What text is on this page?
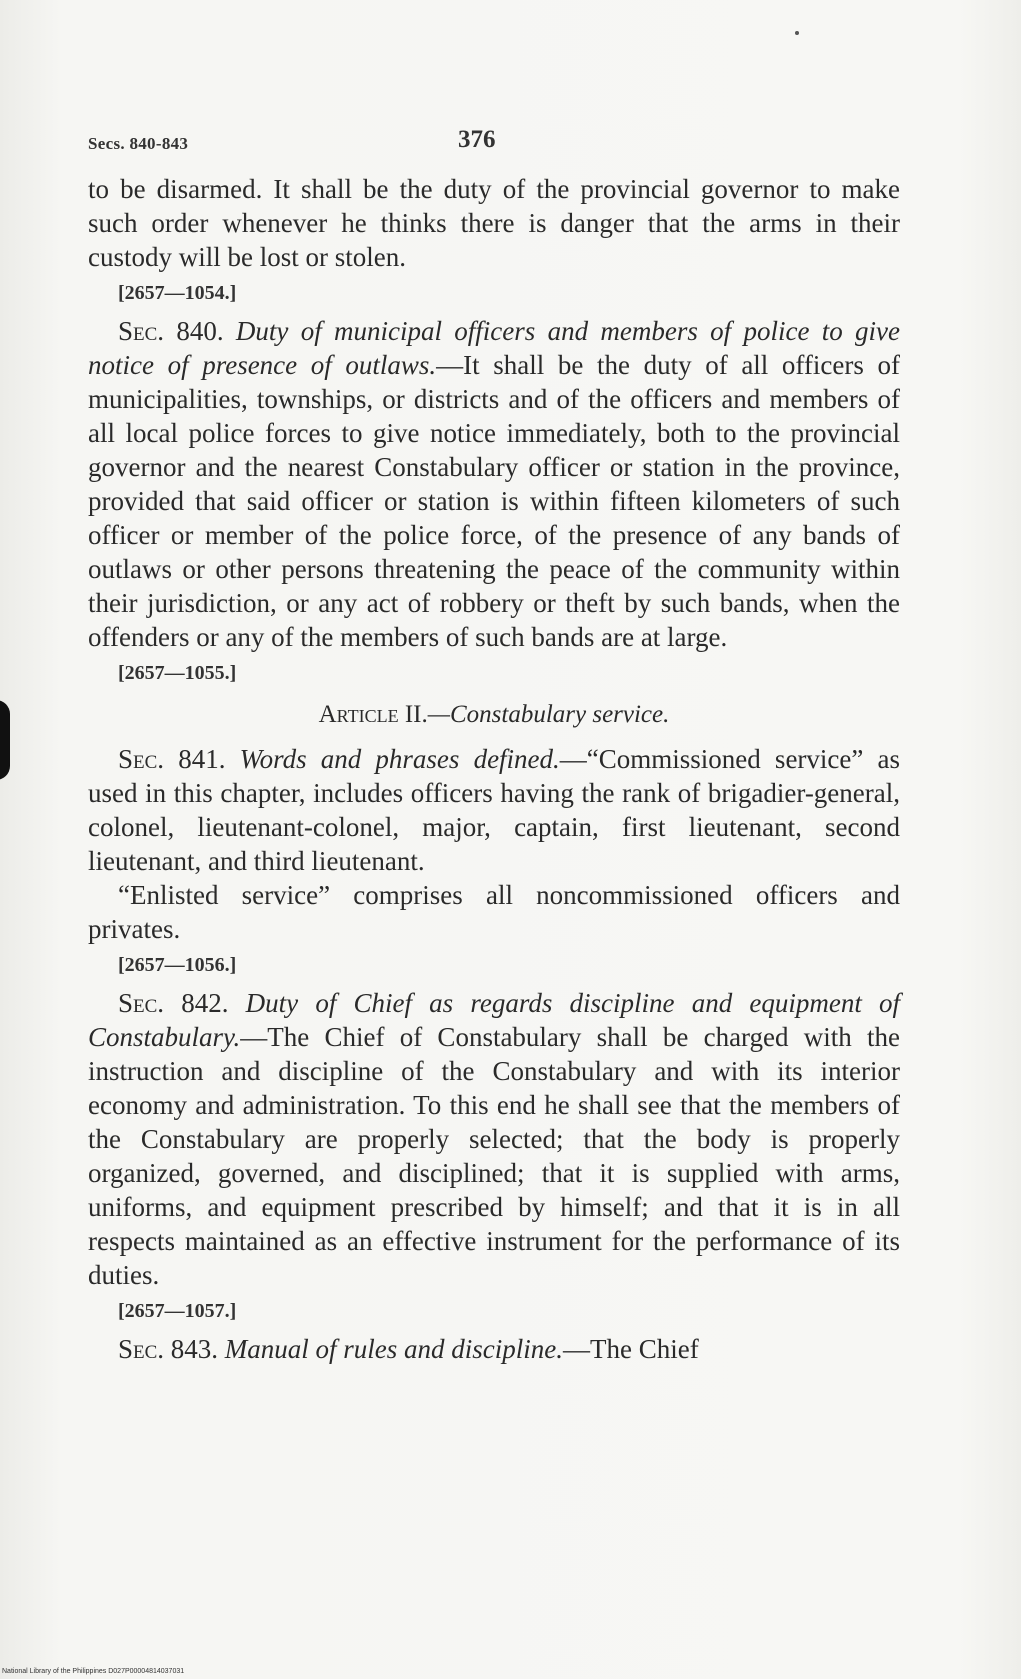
Secs. 840-843	376

to be disarmed. It shall be the duty of the provincial governor to make such order whenever he thinks there is danger that the arms in their custody will be lost or stolen.

[2657—1054.]

Sec. 840. Duty of municipal officers and members of police to give notice of presence of outlaws.—It shall be the duty of all officers of municipalities, townships, or districts and of the officers and members of all local police forces to give notice immediately, both to the provincial governor and the nearest Constabulary officer or station in the province, provided that said officer or station is within fifteen kilometers of such officer or member of the police force, of the presence of any bands of outlaws or other persons threatening the peace of the community within their jurisdiction, or any act of robbery or theft by such bands, when the offenders or any of the members of such bands are at large.

[2657—1055.]
Article II.—Constabulary service.

Sec. 841. Words and phrases defined.—“Commissioned service” as used in this chapter, includes officers having the rank of brigadier-general, colonel, lieutenant-colonel, major, captain, first lieutenant, second lieutenant, and third lieutenant.

“Enlisted service” comprises all noncommissioned officers and privates.

[2657—1056.]

Sec. 842. Duty of Chief as regards discipline and equipment of Constabulary.—The Chief of Constabulary shall be charged with the instruction and discipline of the Constabulary and with its interior economy and administration. To this end he shall see that the members of the Constabulary are properly selected; that the body is properly organized, governed, and disciplined; that it is supplied with arms, uniforms, and equipment prescribed by himself; and that it is in all respects maintained as an effective instrument for the performance of its duties.

[2657—1057.]

Sec. 843. Manual of rules and discipline.—The Chief

National Library of the Philippines D027P00004814037031
